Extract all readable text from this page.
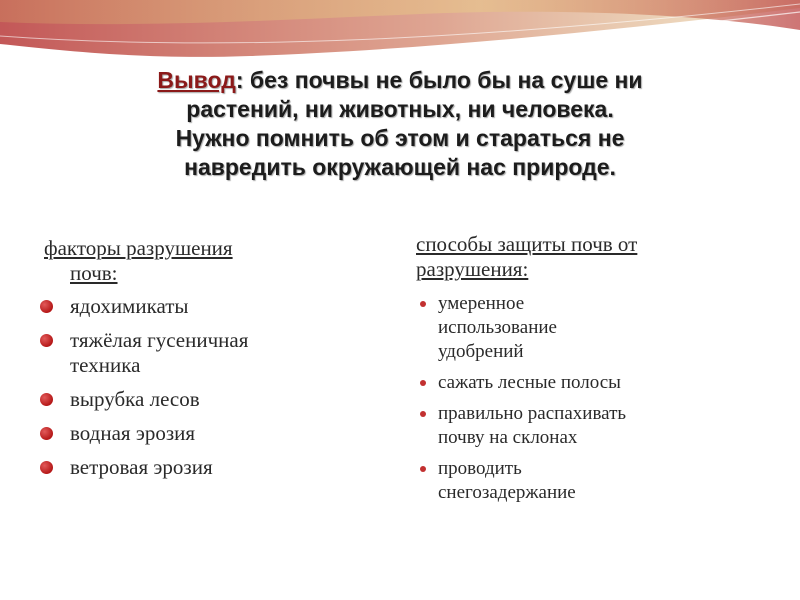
Вывод: без почвы не было бы на суше ни
растений, ни животных, ни человека.
Нужно помнить об этом и стараться не
навредить окружающей нас природе.

факторы разрушения
почв:

ядохимикаты
тяжёлая гусеничная
техника
вырубка лесов
водная эрозия
ветровая эрозия

способы защиты почв от
разрушения:

умеренное
использование
удобрений
сажать лесные полосы
правильно распахивать
почву на склонах
проводить
снегозадержание
